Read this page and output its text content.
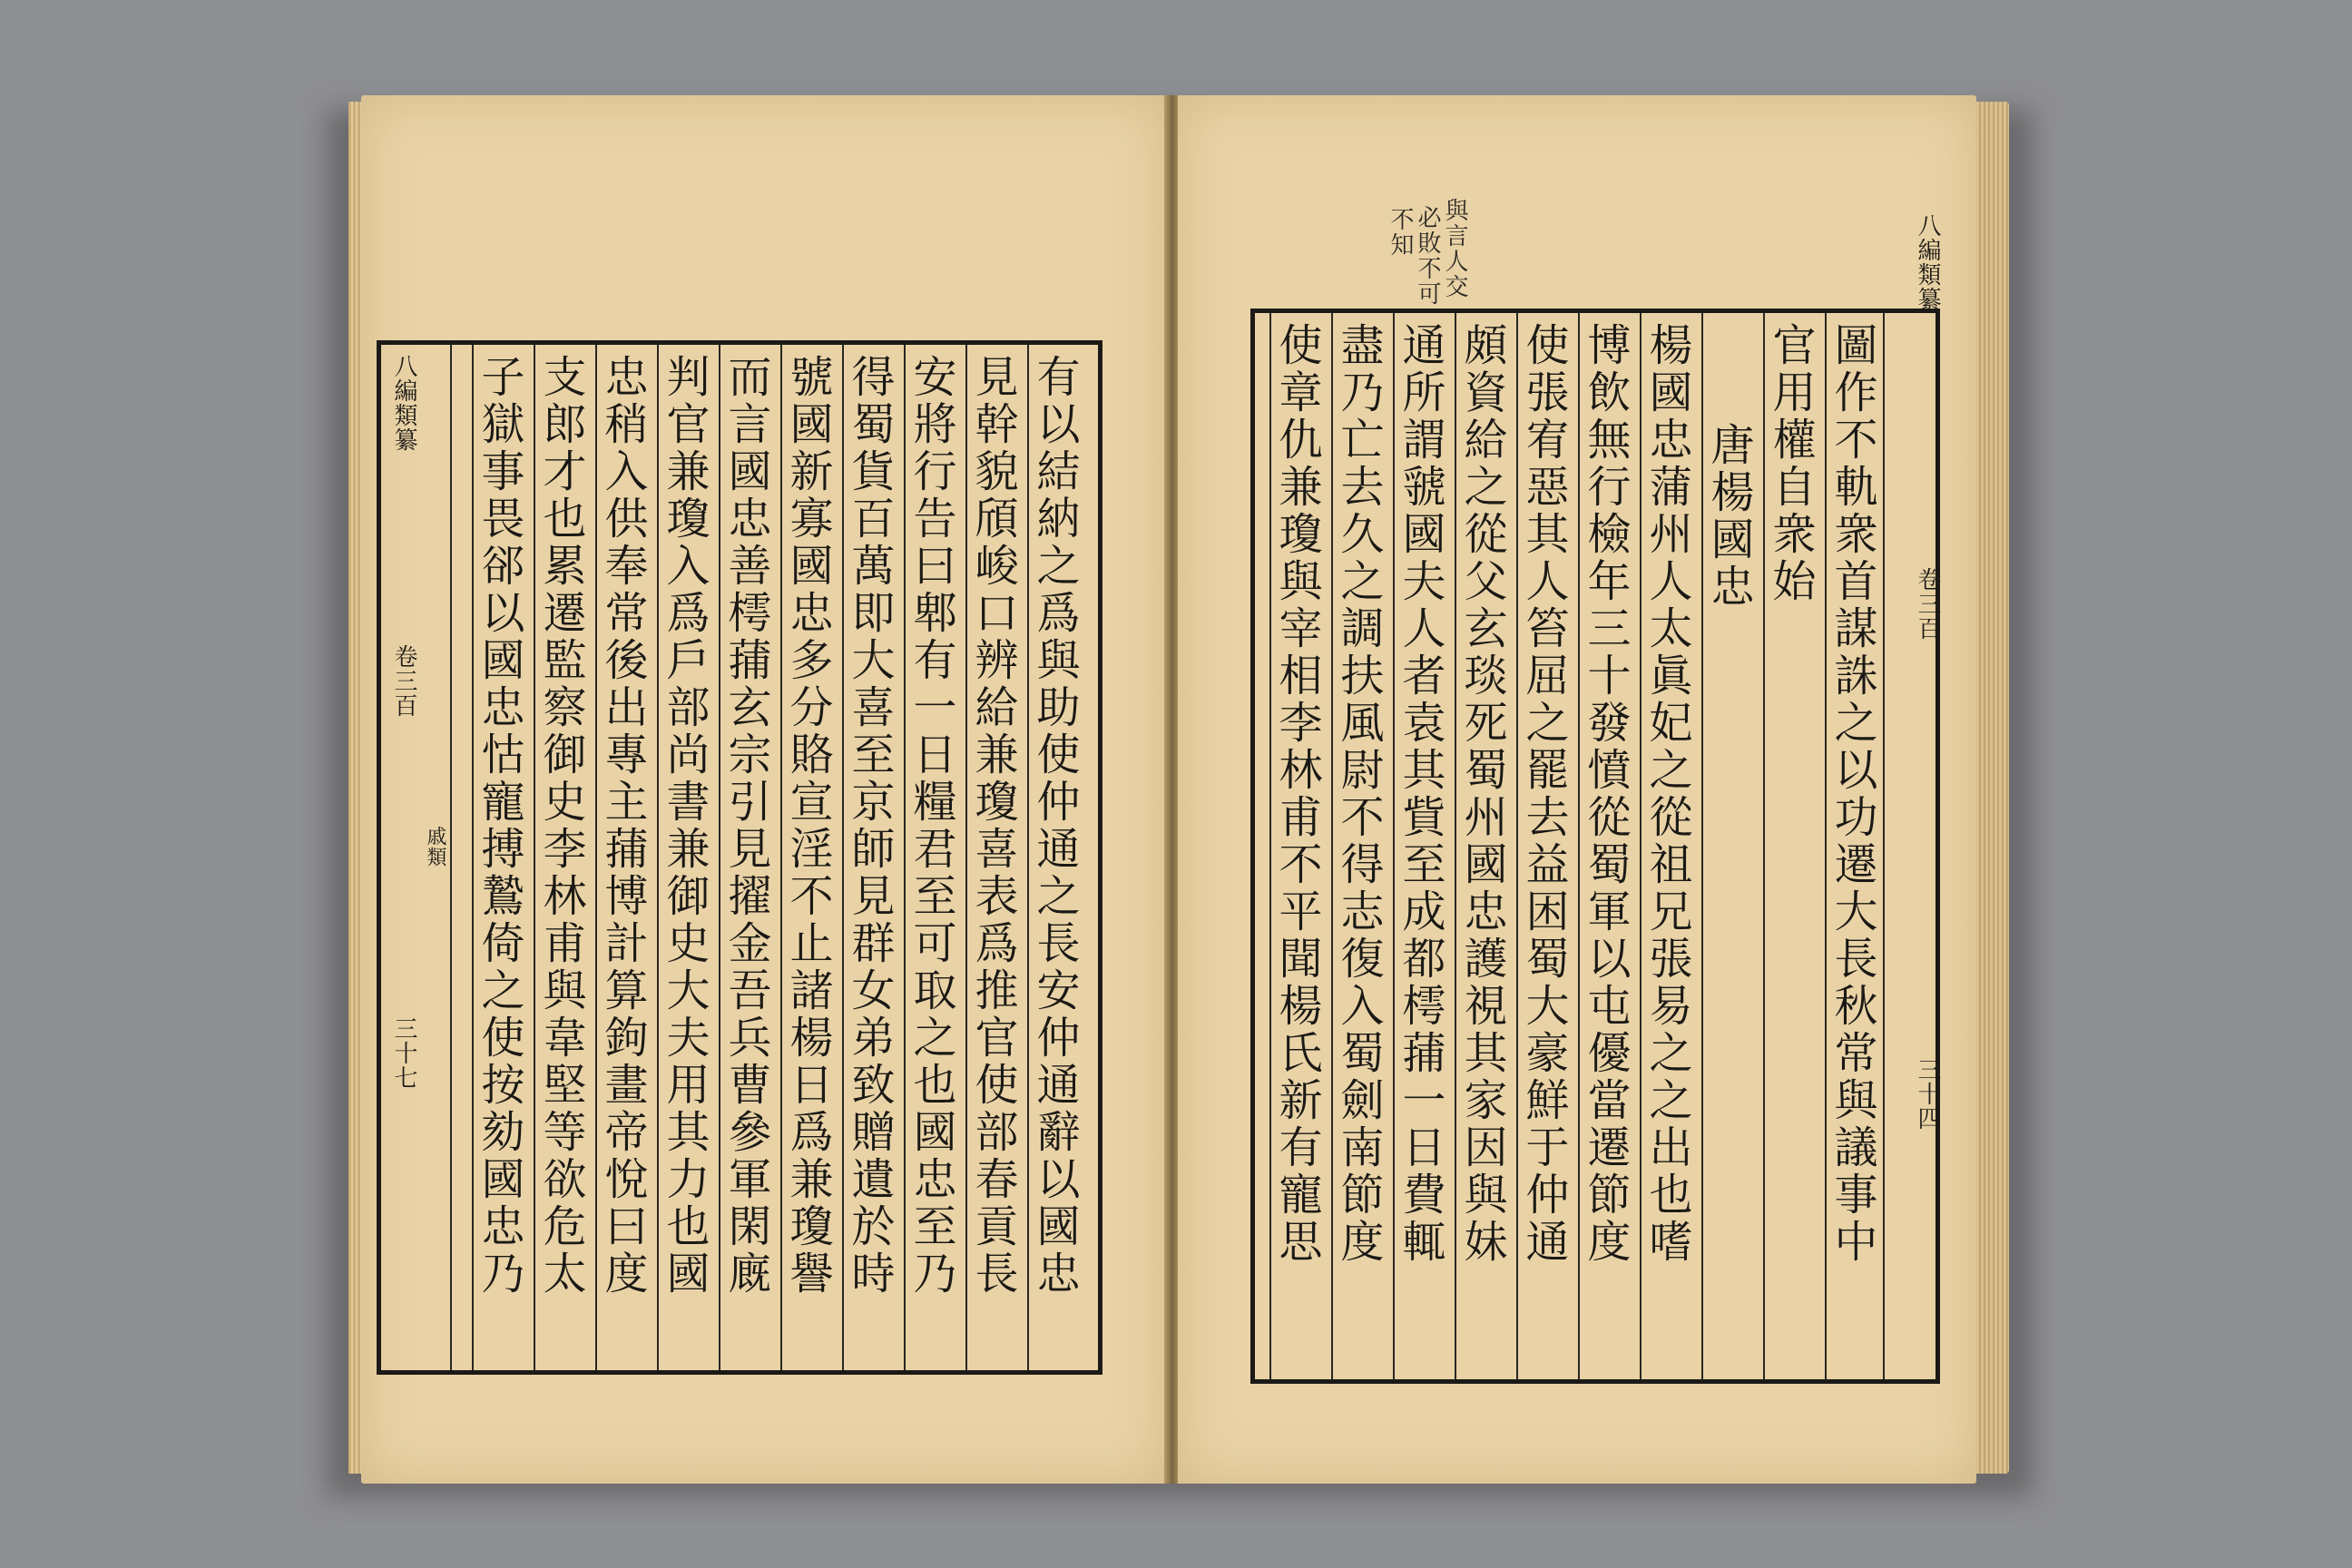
八編類纂
卷三百
戚類
三十七	有以結納之爲與助使仲通之長安仲通辭以國忠
見幹貌頎峻口辨給兼瓊喜表爲推官使部春貢長
安將行告曰郫有一日糧君至可取之也國忠至乃
得蜀貨百萬即大喜至京師見群女弟致贈遺於時
號國新寡國忠多分賂宣淫不止諸楊日爲兼瓊譽
而言國忠善樗蒱玄宗引見擢金吾兵曹參軍閑廐
判官兼瓊入爲戶部尚書兼御史大夫用其力也國
忠稍入供奉常後出專主蒱博計算鉤畫帝悅曰度
支郎才也累遷監察御史李林甫與韋堅等欲危太
子獄事畏郤以國忠怙寵搏鷙倚之使按劾國忠乃
八編類纂
卷三百
三十四
圖作不軌衆首謀誅之以功遷大長秋常與議事中
官用權自衆始
唐楊國忠
楊國忠蒲州人太眞妃之從祖兄張易之之出也嗜
博飲無行檢年三十發憤從蜀軍以屯優當遷節度
使張宥惡其人笞屈之罷去益困蜀大豪鮮于仲通
頗資給之從父玄琰死蜀州國忠護視其家因與妹
通所謂虢國夫人者袁其貲至成都樗蒱一日費輒
盡乃亡去久之調扶風尉不得志復入蜀劍南節度
使章仇兼瓊與宰相李林甫不平聞楊氏新有寵思
與言人交
必敗不可
不知
